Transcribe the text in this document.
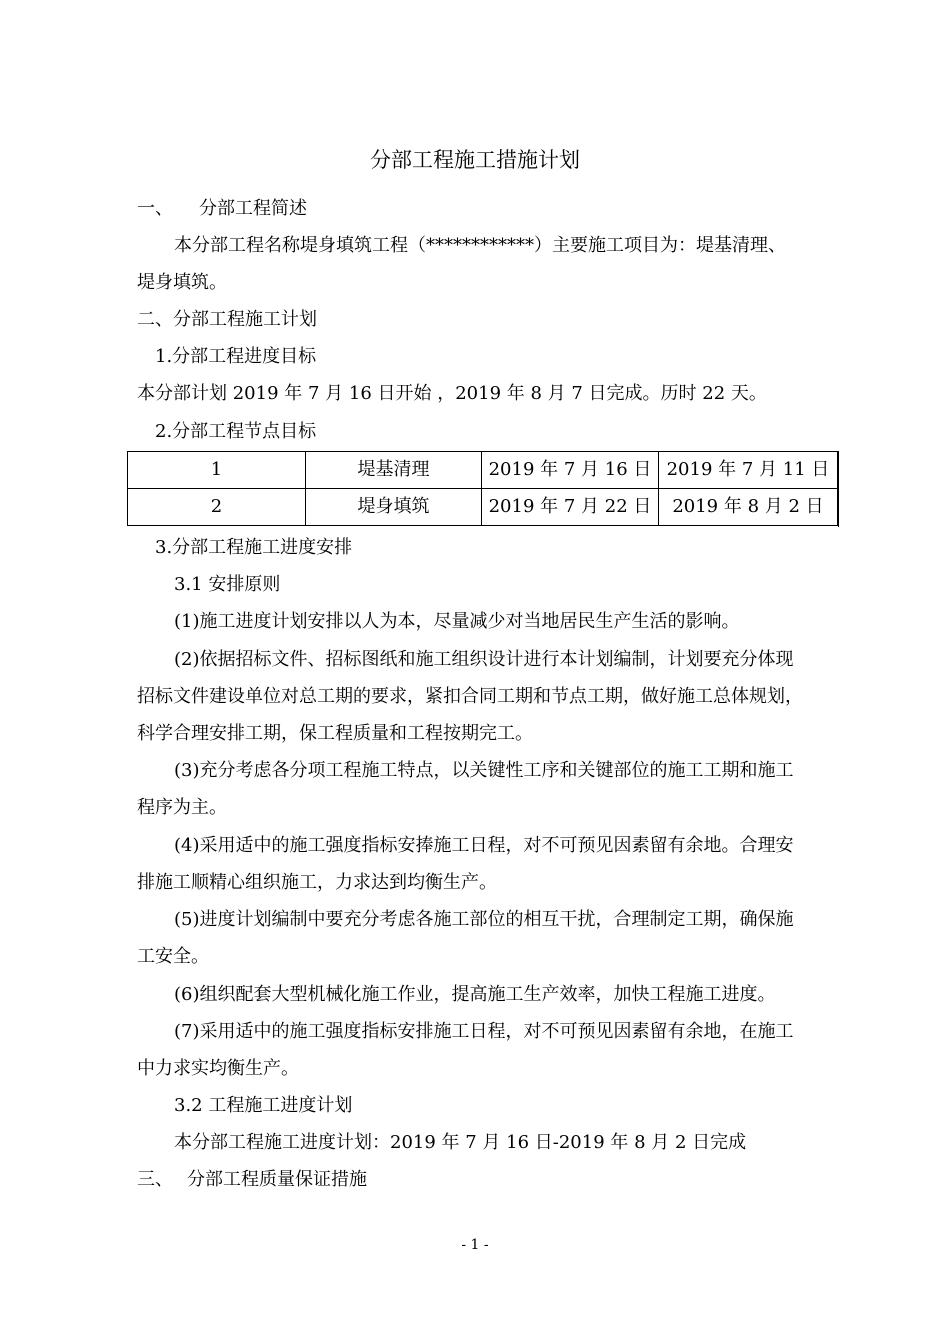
分部工程施工措施计划
一、 分部工程简述

本分部工程名称堤身填筑工程（************）主要施工项目为：堤基清理、

堤身填筑。

二、分部工程施工计划
1.分部工程进度目标

本分部计划 2019 年 7 月 16 日开始 ，2019 年 8 月 7 日完成。历时 22 天。

2.分部工程节点目标
1	堤基清理	2019 年 7 月 16 日	2019 年 7 月 11 日
2	堤身填筑	2019 年 7 月 22 日	2019 年 8 月 2 日
3.分部工程施工进度安排
3.1 安排原则

(1)施工进度计划安排以人为本，尽量减少对当地居民生产生活的影响。

(2)依据招标文件、招标图纸和施工组织设计进行本计划编制，计划要充分体现

招标文件建设单位对总工期的要求，紧扣合同工期和节点工期，做好施工总体规划，

科学合理安排工期，保工程质量和工程按期完工。

(3)充分考虑各分项工程施工特点，以关键性工序和关键部位的施工工期和施工

程序为主。

(4)采用适中的施工强度指标安捧施工日程，对不可预见因素留有余地。合理安

排施工顺精心组织施工，力求达到均衡生产。

(5)进度计划编制中要充分考虑各施工部位的相互干扰，合理制定工期，确保施

工安全。

(6)组织配套大型机械化施工作业，提高施工生产效率，加快工程施工进度。

(7)采用适中的施工强度指标安排施工日程，对不可预见因素留有余地，在施工

中力求实均衡生产。

3.2 工程施工进度计划

本分部工程施工进度计划：2019 年 7 月 16 日-2019 年 8 月 2 日完成

三、 分部工程质量保证措施
- 1 -
